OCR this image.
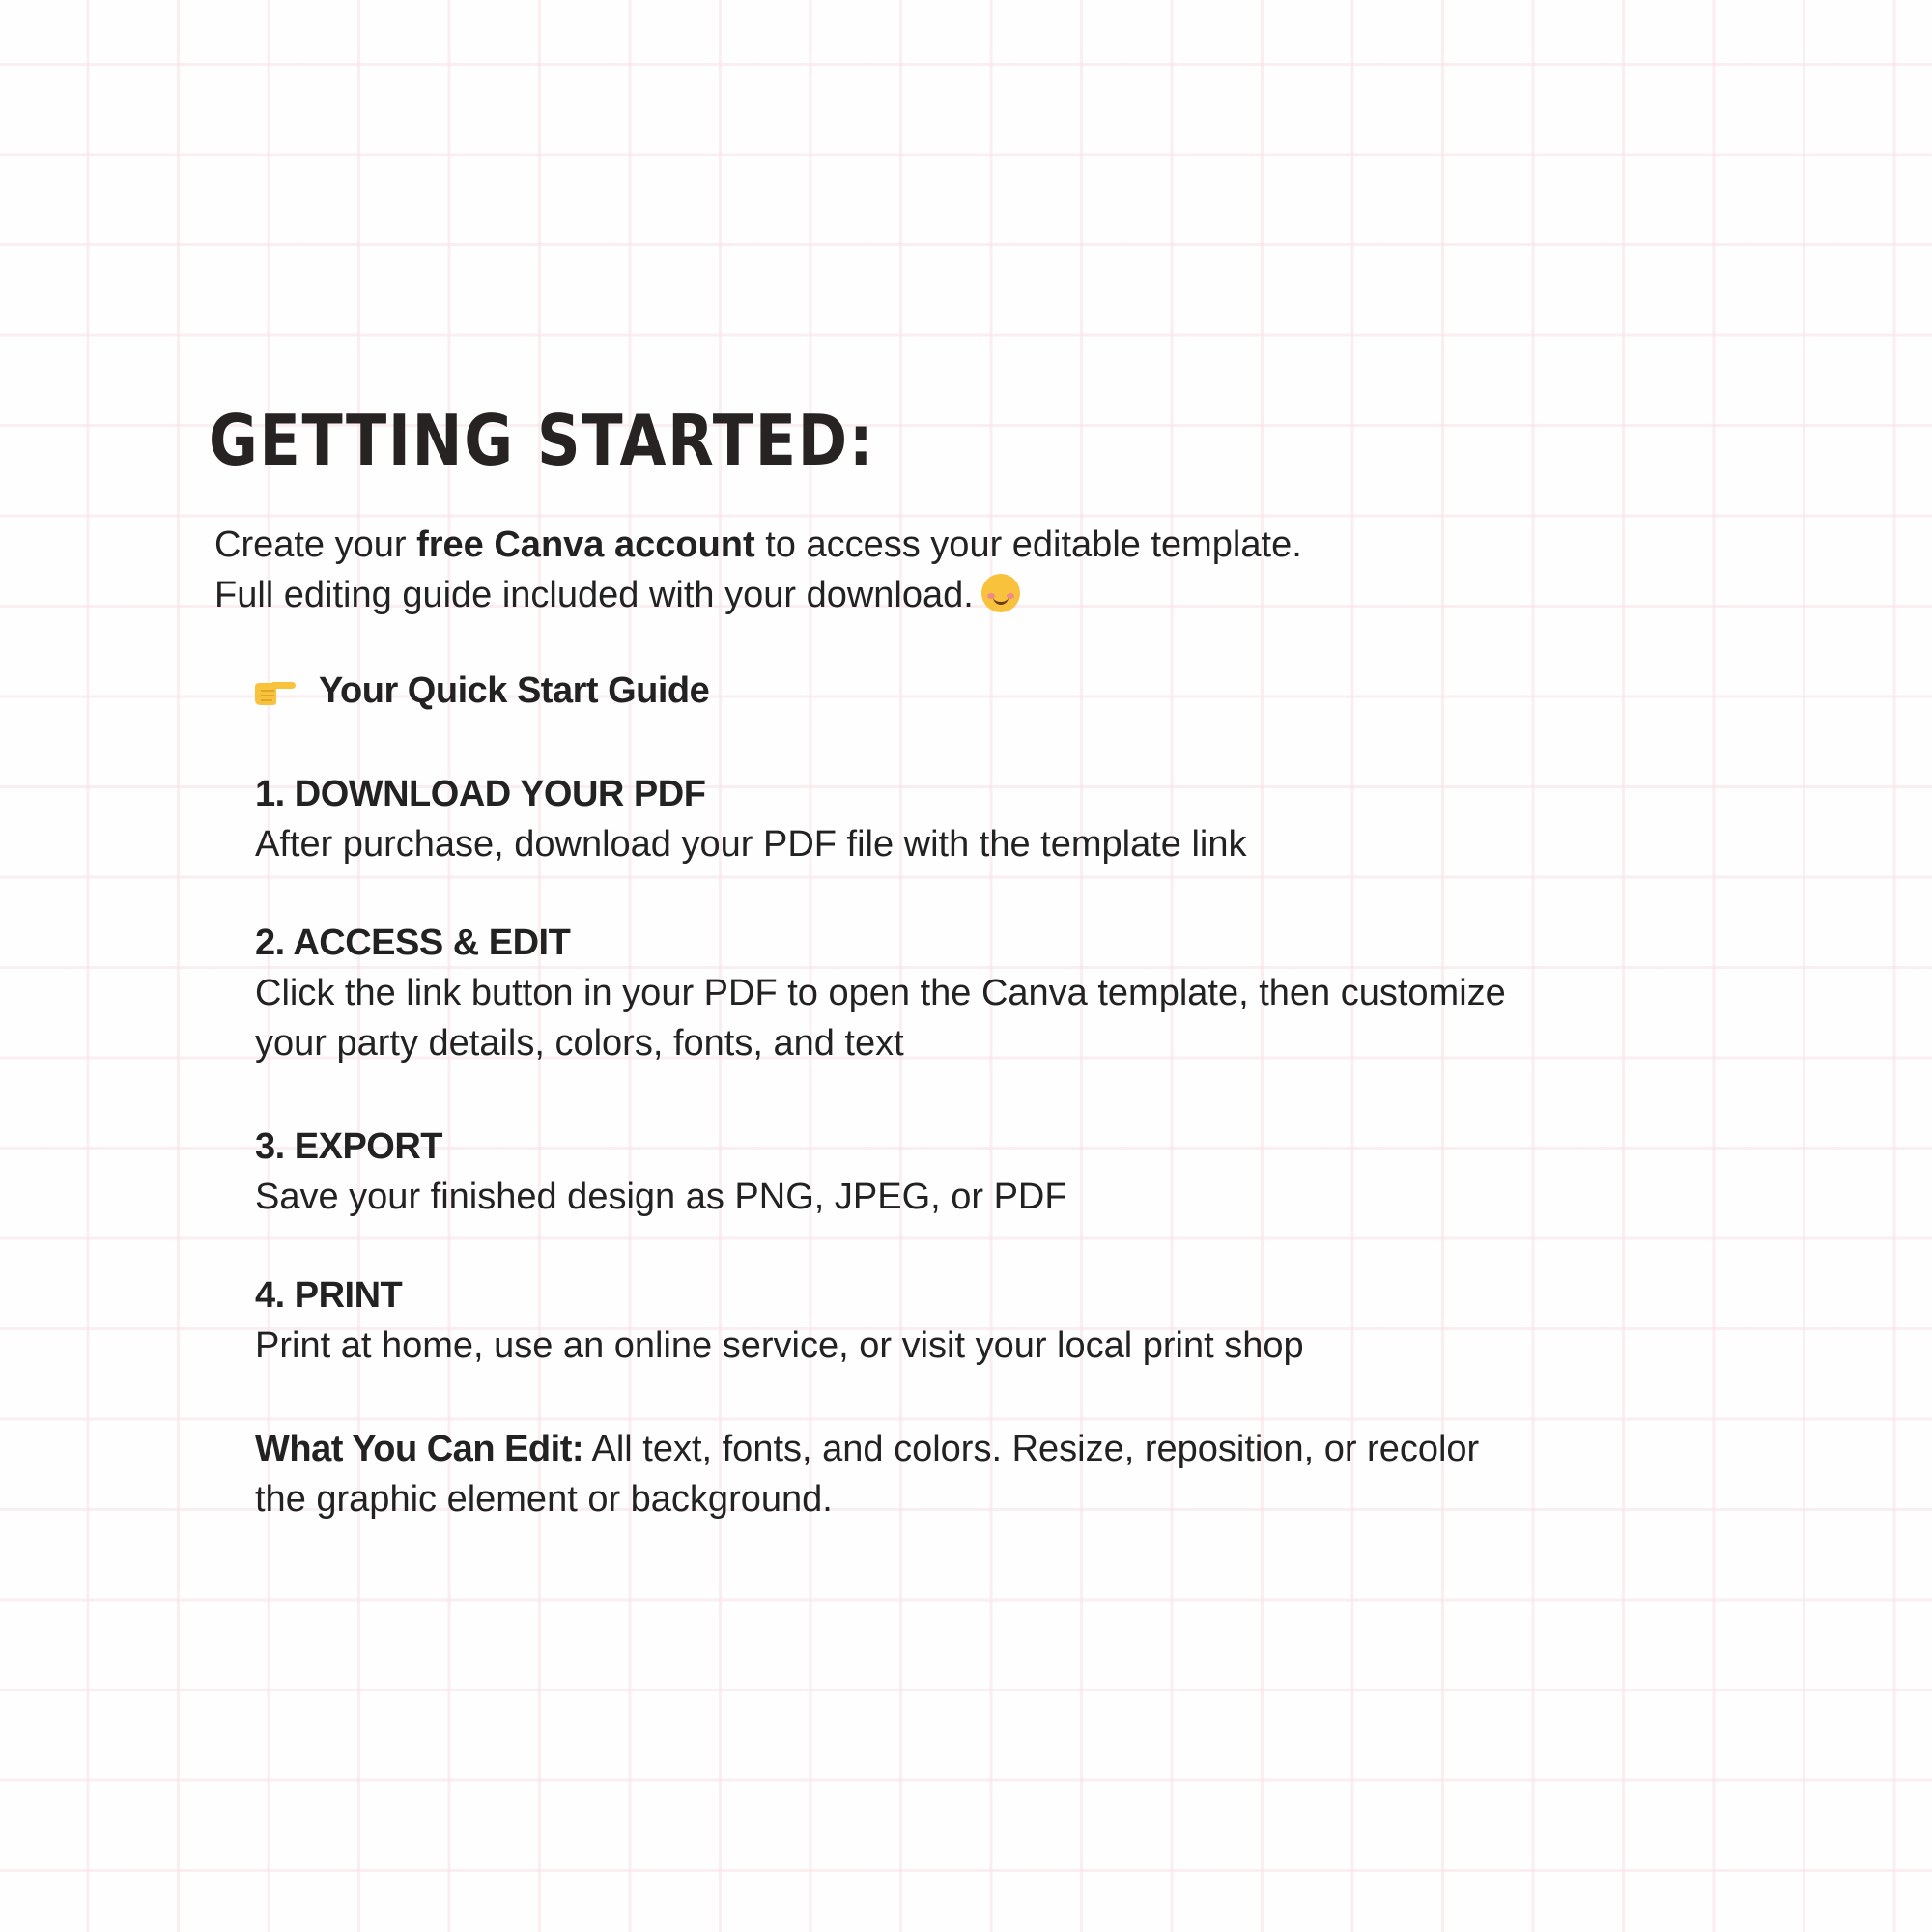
GETTING STARTED:
Create your free Canva account to access your editable template.
Full editing guide included with your download.
Your Quick Start Guide
1. DOWNLOAD YOUR PDF
After purchase, download your PDF file with the template link
2. ACCESS & EDIT
Click the link button in your PDF to open the Canva template, then customize
your party details, colors, fonts, and text
3. EXPORT
Save your finished design as PNG, JPEG, or PDF
4. PRINT
Print at home, use an online service, or visit your local print shop
What You Can Edit: All text, fonts, and colors. Resize, reposition, or recolor
the graphic element or background.
